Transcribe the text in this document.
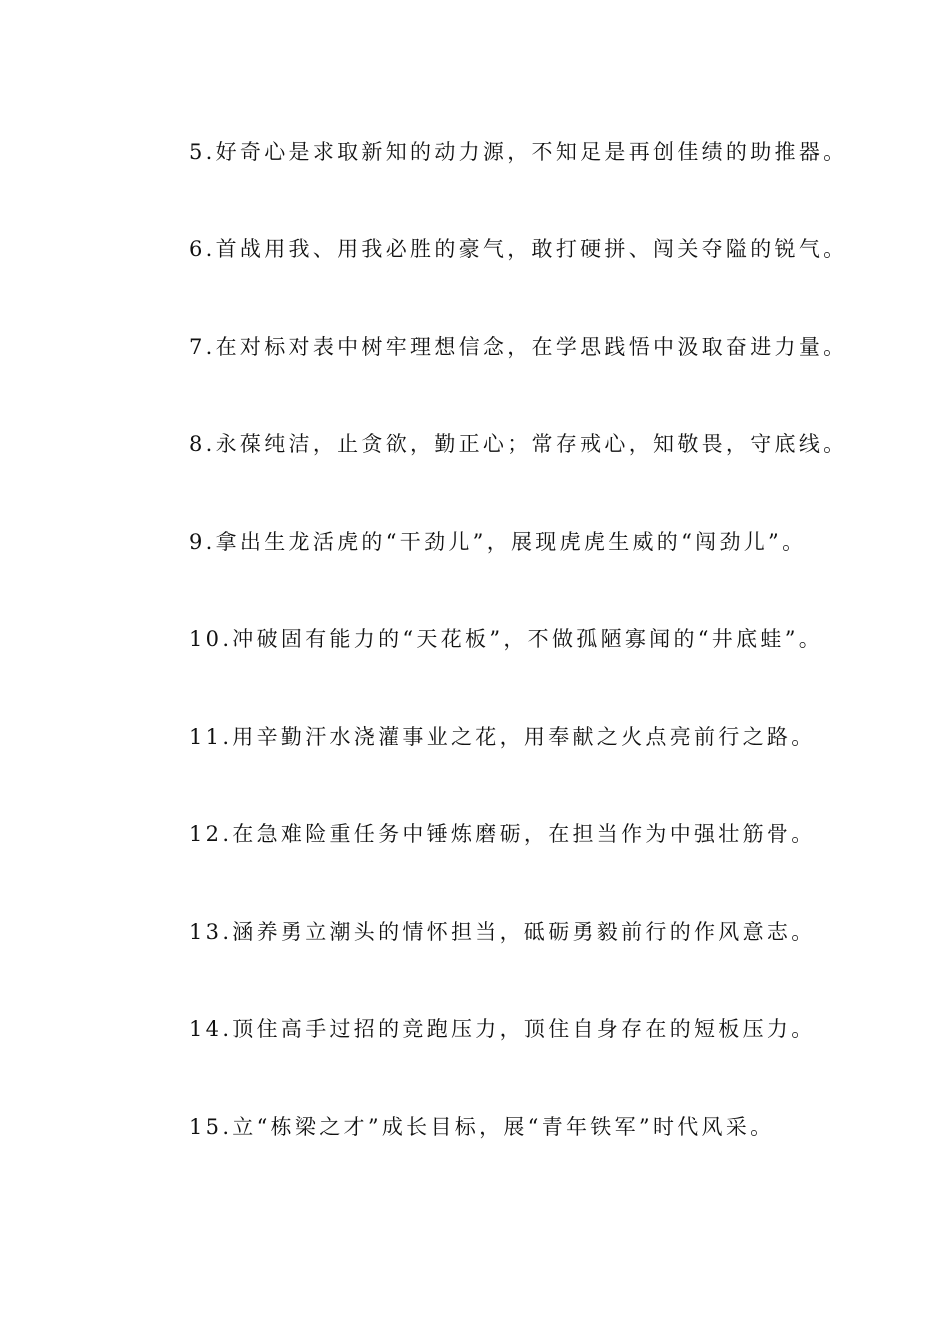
5.好奇心是求取新知的动力源，不知足是再创佳绩的助推器。
6.首战用我、用我必胜的豪气，敢打硬拼、闯关夺隘的锐气。
7.在对标对表中树牢理想信念，在学思践悟中汲取奋进力量。
8.永葆纯洁，止贪欲，勤正心；常存戒心，知敬畏，守底线。
9.拿出生龙活虎的“干劲儿”，展现虎虎生威的“闯劲儿”。
10.冲破固有能力的“天花板”，不做孤陋寡闻的“井底蛙”。
11.用辛勤汗水浇灌事业之花，用奉献之火点亮前行之路。
12.在急难险重任务中锤炼磨砺，在担当作为中强壮筋骨。
13.涵养勇立潮头的情怀担当，砥砺勇毅前行的作风意志。
14.顶住高手过招的竞跑压力，顶住自身存在的短板压力。
15.立“栋梁之才”成长目标，展“青年铁军”时代风采。
